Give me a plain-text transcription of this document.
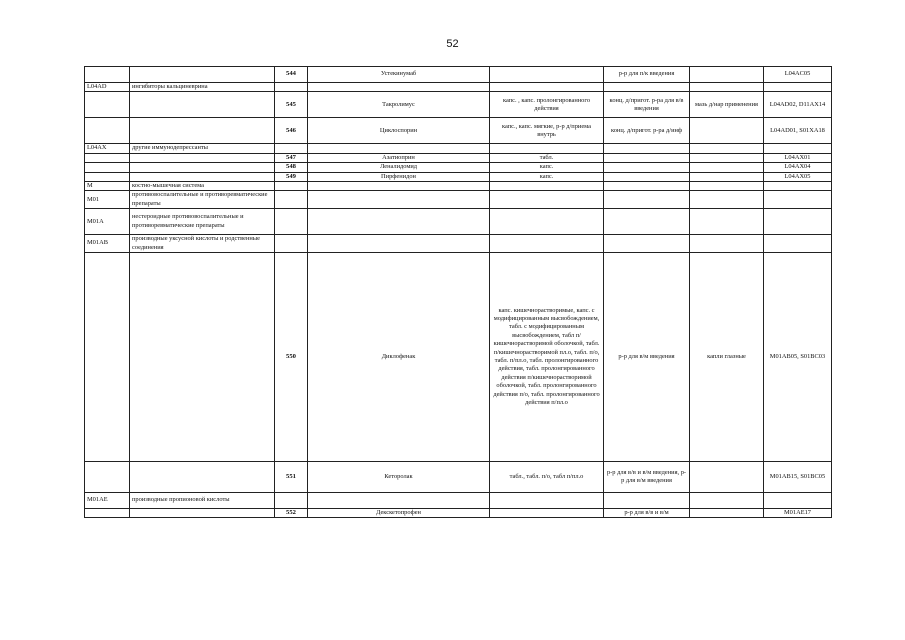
52
		544	Устекинумаб		р-р для п/к введения		L04AC05
L04AD	ингибиторы кальциневрина						
		545	Такролимус	капс. , капс. пролонгированного действия	конц. д/пригот. р-ра для в/в введения	мазь д/нар применения	L04AD02, D11AX14
		546	Циклоспорин	капс., капс. мягкие, р-р д/приема внутрь	конц. д/пригот. р-ра д/инф		L04AD01, S01XA18
L04AX	другие иммунодепрессанты						
		547	Азатиоприн	табл.			L04AX01
		548	Леналидомид	капс.			L04AX04
		549	Пирфенидон	капс.			L04AX05
M	костно-мышечная система						
M01	противовоспалительные и противоревматические препараты						
M01A	нестероидные противовоспалительные и противоревматические препараты						
M01AB	производные уксусной кислоты и родственные соединения						
		550	Диклофенак	капс. кишечнорастворимые, капс. с модифицированным высвобождением, табл. с модифицированным высвобождением, табл п/кишечнорастворимой оболочкой, табл. п/кишечнорастворимой пл.о, табл. п/о, табл. п/пл.о, табл. пролонгированного действия, табл. пролонгированного действия п/кишечнорастворимой оболочкой, табл. пролонгированного действия п/о, табл. пролонгированного действия п/пл.о	р-р для в/м введения	капли глазные	M01AB05, S01BC03
		551	Кеторолак	табл., табл. п/о, табл п/пл.о	р-р для в/в и в/м введения, р-р для в/м введения		M01AB15, S01BC05
M01AE	производные пропионовой кислоты						
		552	Декскетопрофен		р-р для в/в и в/м		M01AE17
